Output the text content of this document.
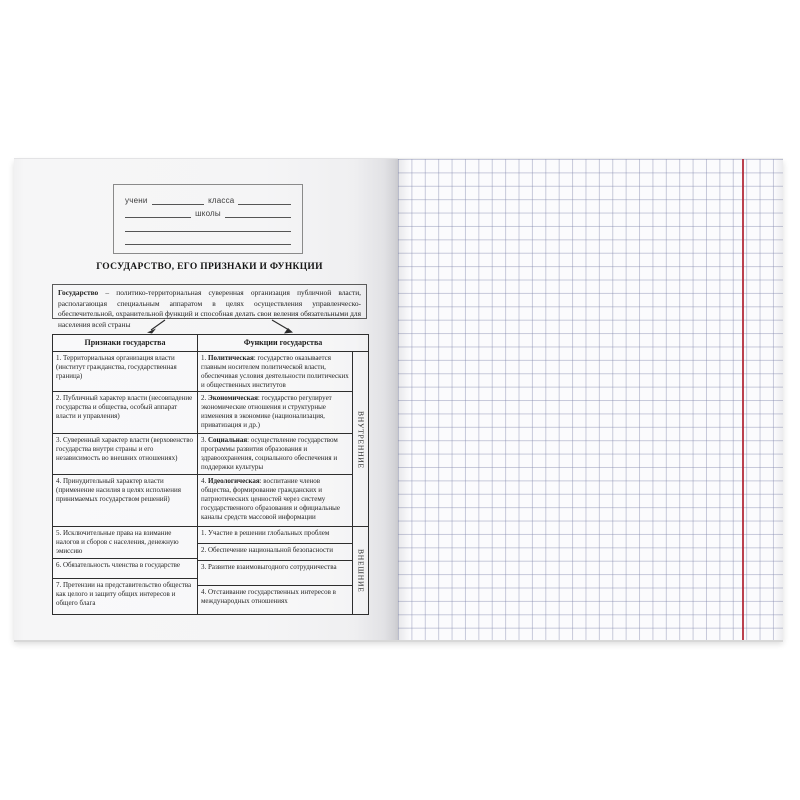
учени	класса
школы
ГОСУДАРСТВО, ЕГО ПРИЗНАКИ И ФУНКЦИИ
Государство – политико-территориальная суверенная организация публичной власти, располагающая специальным аппаратом в целях осуществления управленческо-обеспечительной, охранительной функций и способная делать свои веления обязательными для населения всей страны
Признаки государства	Функции государства
1. Территориальная организация власти (институт гражданства, государственная граница)
2. Публичный характер власти (несовпадение государства и общества, особый аппарат власти и управления)
3. Суверенный характер власти (верховенство государства внутри страны и его независимость во внешних отношениях)
4. Принудительный характер власти (применение насилия в целях исполнения принимаемых государством решений)
5. Исключительные права на взимание налогов и сборов с населения, денежную эмиссию
6. Обязательность членства в государстве
7. Претензии на представительство общества как целого и защиту общих интересов и общего блага
1. Политическая: государство оказывается главным носителем политической власти, обеспечивая условия деятельности политических и общественных институтов
2. Экономическая: государство регулирует экономические отношения и структурные изменения в экономике (национализация, приватизация и др.)
3. Социальная: осуществление государством программы развития образования и здравоохранения, социального обеспечения и поддержки культуры
4. Идеологическая: воспитание членов общества, формирование гражданских и патриотических ценностей через систему государственного образования и официальные каналы средств массовой информации
1. Участие в решении глобальных проблем
2. Обеспечение национальной безопасности
3. Развитие взаимовыгодного сотрудничества
4. Отстаивание государственных интересов в международных отношениях
ВНУТРЕННИЕ
ВНЕШНИЕ
